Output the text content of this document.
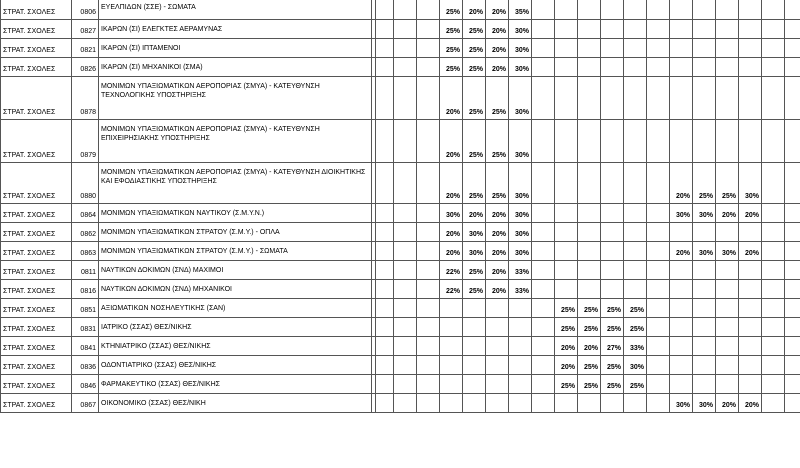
ΣΤΡΑΤ. ΣΧΟΛΕΣ	0806	ΕΥΕΛΠΙΔΩΝ (ΣΣΕ) - ΣΩΜΑΤΑ					25%	20%	20%	35%																		
ΣΤΡΑΤ. ΣΧΟΛΕΣ	0827	ΙΚΑΡΩΝ (ΣΙ) ΕΛΕΓΚΤΕΣ ΑΕΡΑΜΥΝΑΣ					25%	25%	20%	30%																		
ΣΤΡΑΤ. ΣΧΟΛΕΣ	0821	ΙΚΑΡΩΝ (ΣΙ) ΙΠΤΑΜΕΝΟΙ					25%	25%	20%	30%																		
ΣΤΡΑΤ. ΣΧΟΛΕΣ	0826	ΙΚΑΡΩΝ (ΣΙ) ΜΗΧΑΝΙΚΟΙ (ΣΜΑ)					25%	25%	20%	30%																		
ΣΤΡΑΤ. ΣΧΟΛΕΣ	0878	ΜΟΝΙΜΩΝ ΥΠΑΞΙΩΜΑΤΙΚΩΝ ΑΕΡΟΠΟΡΙΑΣ (ΣΜΥΑ) - ΚΑΤΕΥΘΥΝΣΗ ΤΕΧΝΟΛΟΓΙΚΗΣ ΥΠΟΣΤΗΡΙΞΗΣ					20%	25%	25%	30%																		
ΣΤΡΑΤ. ΣΧΟΛΕΣ	0879	ΜΟΝΙΜΩΝ ΥΠΑΞΙΩΜΑΤΙΚΩΝ ΑΕΡΟΠΟΡΙΑΣ (ΣΜΥΑ) - ΚΑΤΕΥΘΥΝΣΗ ΕΠΙΧΕΙΡΗΣΙΑΚΗΣ ΥΠΟΣΤΗΡΙΞΗΣ					20%	25%	25%	30%																		
ΣΤΡΑΤ. ΣΧΟΛΕΣ	0880	ΜΟΝΙΜΩΝ ΥΠΑΞΙΩΜΑΤΙΚΩΝ ΑΕΡΟΠΟΡΙΑΣ (ΣΜΥΑ) - ΚΑΤΕΥΘΥΝΣΗ ΔΙΟΙΚΗΤΙΚΗΣ ΚΑΙ ΕΦΟΔΙΑΣΤΙΚΗΣ ΥΠΟΣΤΗΡΙΞΗΣ					20%	25%	25%	30%							20%	25%	25%	30%								
ΣΤΡΑΤ. ΣΧΟΛΕΣ	0864	ΜΟΝΙΜΩΝ ΥΠΑΞΙΩΜΑΤΙΚΩΝ ΝΑΥΤΙΚΟΥ (Σ.Μ.Υ.Ν.)					30%	20%	20%	30%							30%	30%	20%	20%								
ΣΤΡΑΤ. ΣΧΟΛΕΣ	0862	ΜΟΝΙΜΩΝ ΥΠΑΞΙΩΜΑΤΙΚΩΝ ΣΤΡΑΤΟΥ (Σ.Μ.Υ.) - ΟΠΛΑ					20%	30%	20%	30%																		
ΣΤΡΑΤ. ΣΧΟΛΕΣ	0863	ΜΟΝΙΜΩΝ ΥΠΑΞΙΩΜΑΤΙΚΩΝ ΣΤΡΑΤΟΥ (Σ.Μ.Υ.) - ΣΩΜΑΤΑ					20%	30%	20%	30%							20%	30%	30%	20%								
ΣΤΡΑΤ. ΣΧΟΛΕΣ	0811	ΝΑΥΤΙΚΩΝ ΔΟΚΙΜΩΝ (ΣΝΔ) ΜΑΧΙΜΟΙ					22%	25%	20%	33%																		
ΣΤΡΑΤ. ΣΧΟΛΕΣ	0816	ΝΑΥΤΙΚΩΝ ΔΟΚΙΜΩΝ (ΣΝΔ) ΜΗΧΑΝΙΚΟΙ					22%	25%	20%	33%																		
ΣΤΡΑΤ. ΣΧΟΛΕΣ	0851	ΑΞΙΩΜΑΤΙΚΩΝ ΝΟΣΗΛΕΥΤΙΚΗΣ (ΣΑΝ)										25%	25%	25%	25%													
ΣΤΡΑΤ. ΣΧΟΛΕΣ	0831	ΙΑΤΡΙΚΟ (ΣΣΑΣ) ΘΕΣ/ΝΙΚΗΣ										25%	25%	25%	25%													
ΣΤΡΑΤ. ΣΧΟΛΕΣ	0841	ΚΤΗΝΙΑΤΡΙΚΟ (ΣΣΑΣ) ΘΕΣ/ΝΙΚΗΣ										20%	20%	27%	33%													
ΣΤΡΑΤ. ΣΧΟΛΕΣ	0836	ΟΔΟΝΤΙΑΤΡΙΚΟ (ΣΣΑΣ) ΘΕΣ/ΝΙΚΗΣ										20%	25%	25%	30%													
ΣΤΡΑΤ. ΣΧΟΛΕΣ	0846	ΦΑΡΜΑΚΕΥΤΙΚΟ (ΣΣΑΣ) ΘΕΣ/ΝΙΚΗΣ										25%	25%	25%	25%													
ΣΤΡΑΤ. ΣΧΟΛΕΣ	0867	ΟΙΚΟΝΟΜΙΚΟ (ΣΣΑΣ) ΘΕΣ/ΝΙΚΗ															30%	30%	20%	20%								
